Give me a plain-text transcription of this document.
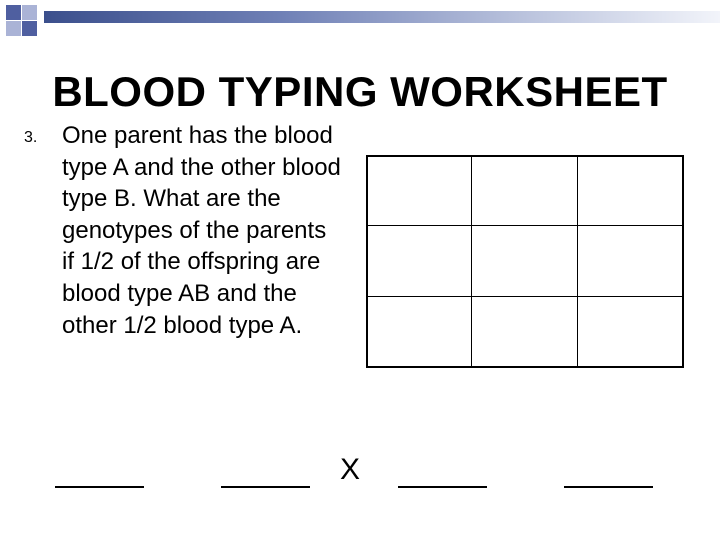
BLOOD TYPING WORKSHEET
3. One parent has the blood type A and the other blood type B. What are the genotypes of the parents if 1/2 of the offspring are blood type AB and the other 1/2 blood type A.
X
